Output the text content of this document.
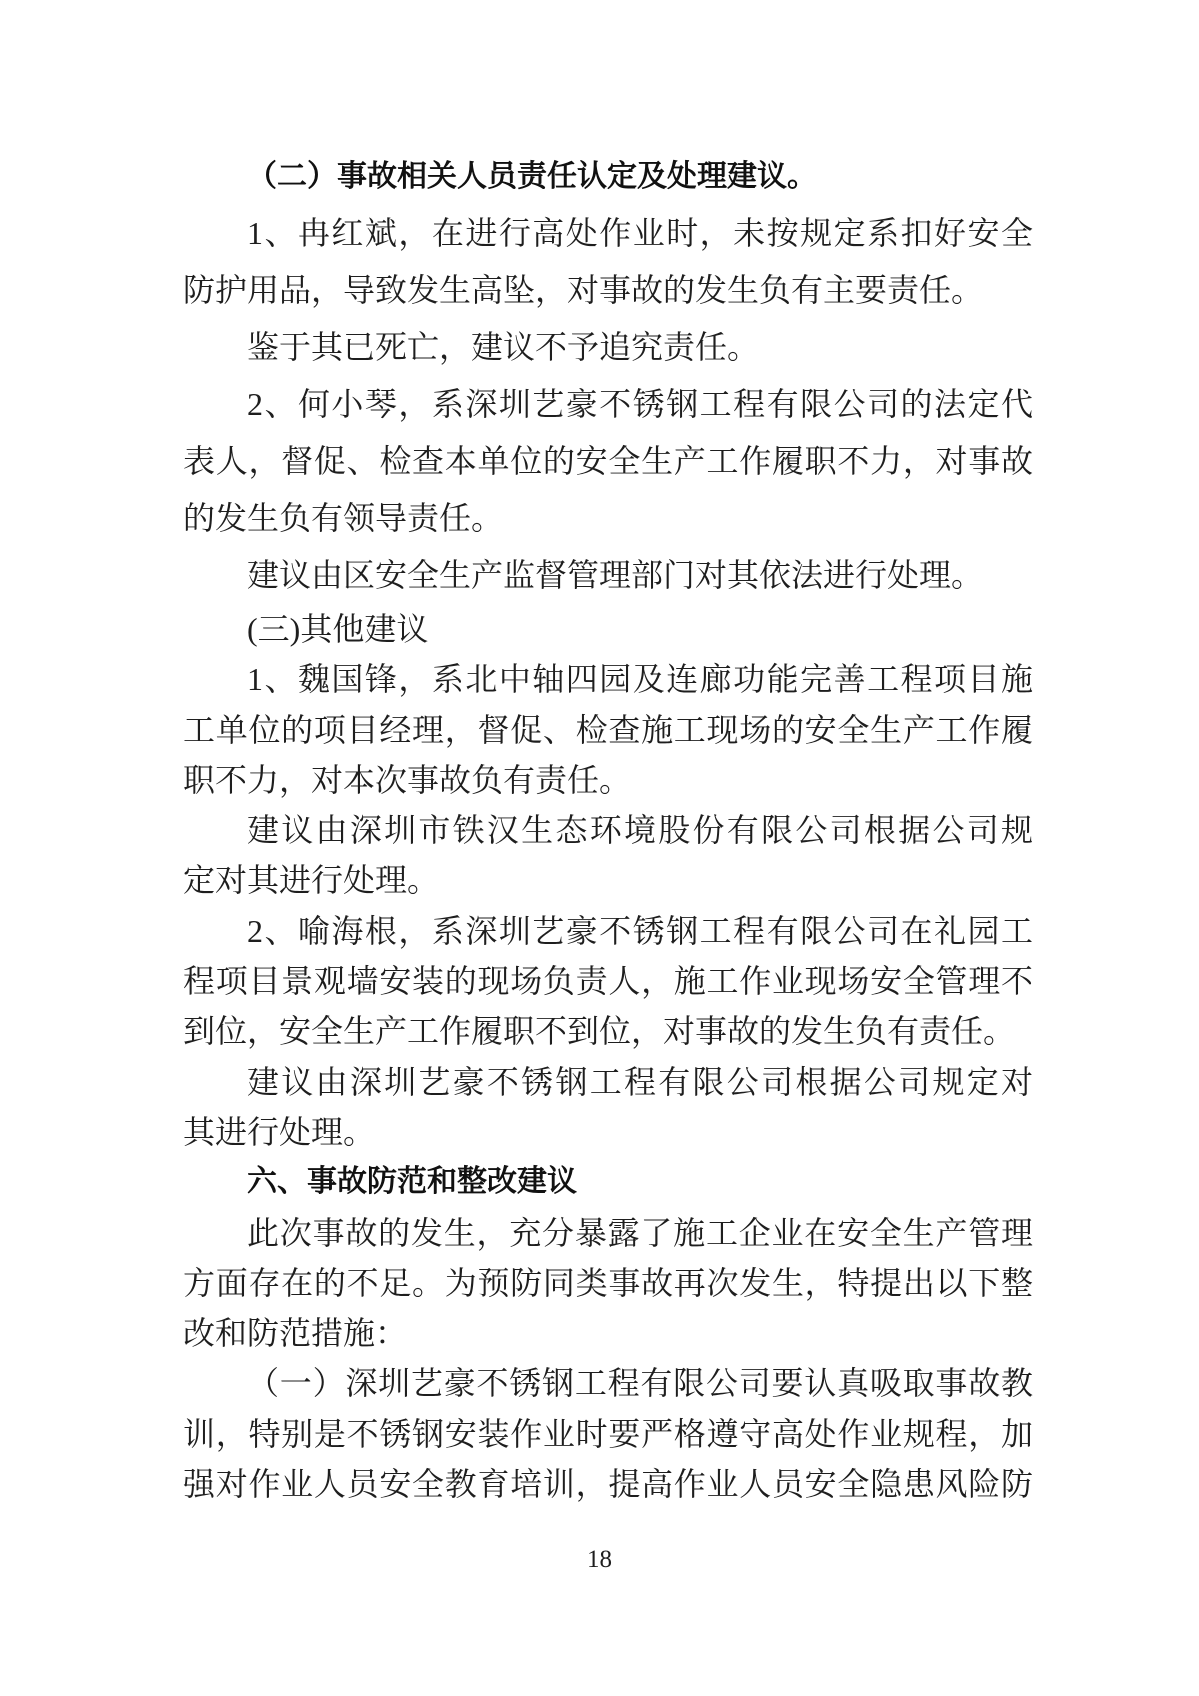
（二）事故相关人员责任认定及处理建议。

1、冉红斌，在进行高处作业时，未按规定系扣好安全
防护用品，导致发生高坠，对事故的发生负有主要责任。

鉴于其已死亡，建议不予追究责任。

2、何小琴，系深圳艺豪不锈钢工程有限公司的法定代
表人，督促、检查本单位的安全生产工作履职不力，对事故
的发生负有领导责任。

建议由区安全生产监督管理部门对其依法进行处理。

(三)其他建议

1、魏国锋，系北中轴四园及连廊功能完善工程项目施
工单位的项目经理，督促、检查施工现场的安全生产工作履
职不力，对本次事故负有责任。

建议由深圳市铁汉生态环境股份有限公司根据公司规
定对其进行处理。

2、喻海根，系深圳艺豪不锈钢工程有限公司在礼园工
程项目景观墙安装的现场负责人，施工作业现场安全管理不
到位，安全生产工作履职不到位，对事故的发生负有责任。

建议由深圳艺豪不锈钢工程有限公司根据公司规定对
其进行处理。

六、事故防范和整改建议

此次事故的发生，充分暴露了施工企业在安全生产管理
方面存在的不足。为预防同类事故再次发生，特提出以下整
改和防范措施：

（一）深圳艺豪不锈钢工程有限公司要认真吸取事故教
训，特别是不锈钢安装作业时要严格遵守高处作业规程，加
强对作业人员安全教育培训，提高作业人员安全隐患风险防

18
